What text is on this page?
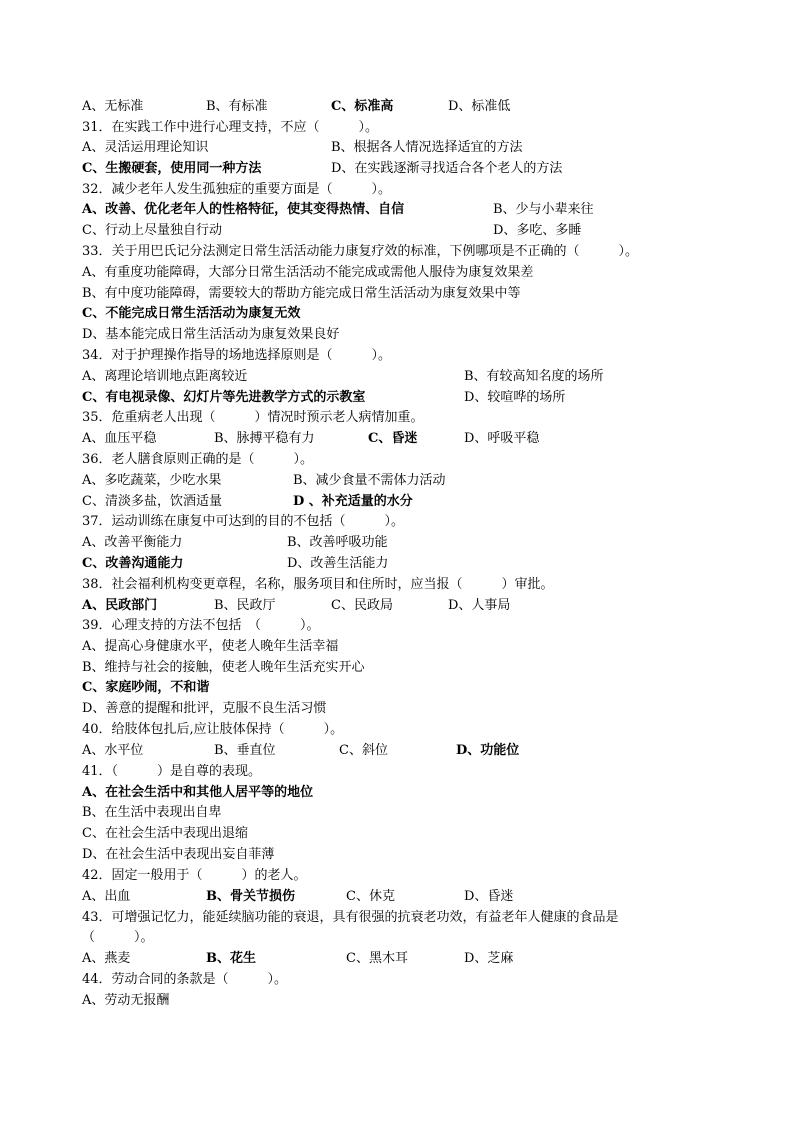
31．在实践工作中进行心理支持，不应（　　　）。
32．减少老年人发生孤独症的重要方面是（　　　）。
33．关于用巴氏记分法测定日常生活活动能力康复疗效的标准，下例哪项是不正确的（　　　）。
A、有重度功能障碍，大部分日常生活活动不能完成或需他人服侍为康复效果差
B、有中度功能障碍，需要较大的帮助方能完成日常生活活动为康复效果中等
C、不能完成日常生活活动为康复无效
D、基本能完成日常生活活动为康复效果良好
34．对于护理操作指导的场地选择原则是（　　　）。
35．危重病老人出现（　　　）情况时预示老人病情加重。
36．老人膳食原则正确的是（　　　）。
37．运动训练在康复中可达到的目的不包括（　　　）。
38．社会福利机构变更章程，名称，服务项目和住所时，应当报（　　　）审批。
39．心理支持的方法不包括　（　　　）。
A、提高心身健康水平，使老人晚年生活幸福
B、维持与社会的接触，使老人晚年生活充实开心
C、家庭吵闹，不和谐
D、善意的提醒和批评，克服不良生活习惯
40．给肢体包扎后,应让肢体保持（　　　）。
41．（　　　）是自尊的表现。
A、在社会生活中和其他人居平等的地位
B、在生活中表现出自卑
C、在社会生活中表现出退缩
D、在社会生活中表现出妄自菲薄
42．固定一般用于（　　　）的老人。
43．可增强记忆力，能延续脑功能的衰退，具有很强的抗衰老功效，有益老年人健康的食品是
（　　　）。
44．劳动合同的条款是（　　　）。
A、劳动无报酬
A、无标准	B、有标准	C、标准高	D、标准低
A、灵活运用理论知识	B、根据各人情况选择适宜的方法
C、生搬硬套，使用同一种方法	D、在实践逐渐寻找适合各个老人的方法
A、改善、优化老年人的性格特征，使其变得热情、自信	B、少与小辈来往
C、行动上尽量独自行动	D、多吃、多睡
A、离理论培训地点距离较近	B、有较高知名度的场所
C、有电视录像、幻灯片等先进教学方式的示教室	D、较喧哗的场所
A、血压平稳	B、脉搏平稳有力	C、昏迷	D、呼吸平稳
A、多吃蔬菜，少吃水果	B、减少食量不需体力活动
C、清淡多盐，饮酒适量	D 、补充适量的水分
A、改善平衡能力	B、改善呼吸功能
C、改善沟通能力	D、改善生活能力
A、民政部门	B、民政厅	C、民政局	D、人事局
A、水平位	B、垂直位	C、斜位	D、功能位
A、出血	B、骨关节损伤	C、休克	D、昏迷
A、燕麦	B、花生	C、黑木耳	D、芝麻
